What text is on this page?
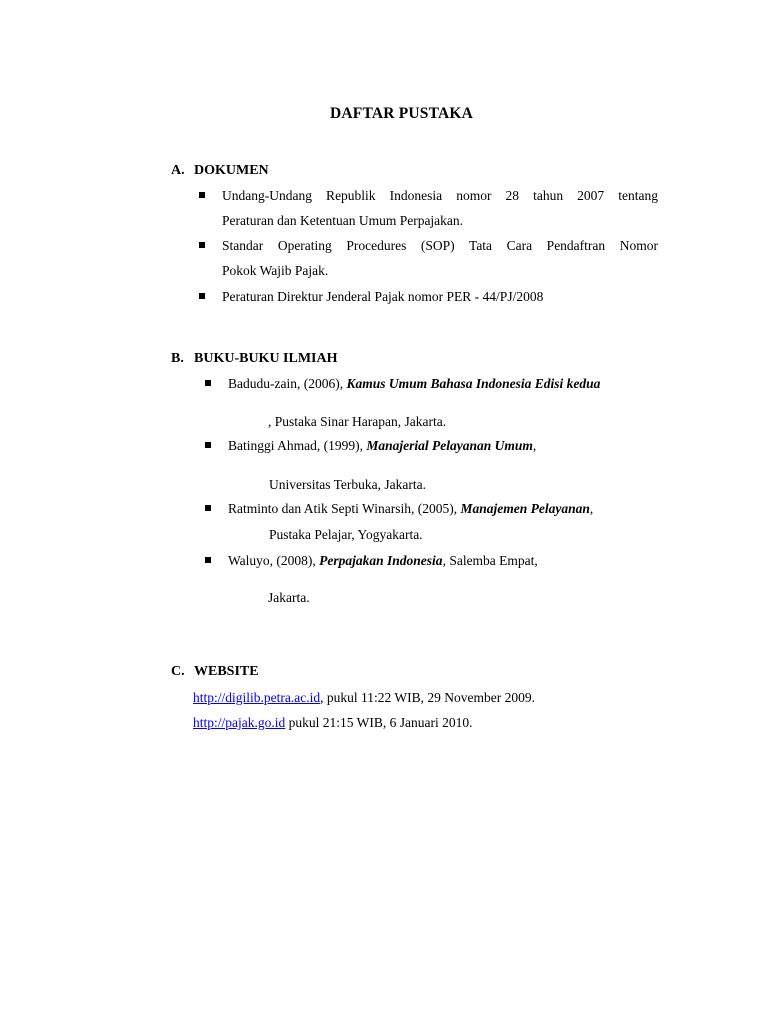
DAFTAR PUSTAKA
A. DOKUMEN
Undang-Undang Republik Indonesia nomor 28 tahun 2007 tentang
Peraturan dan Ketentuan Umum Perpajakan.
Standar Operating Procedures (SOP) Tata Cara Pendaftran Nomor
Pokok Wajib Pajak.
Peraturan Direktur Jenderal Pajak nomor PER - 44/PJ/2008
B. BUKU-BUKU ILMIAH
Badudu-zain, (2006), Kamus Umum Bahasa Indonesia Edisi kedua
, Pustaka Sinar Harapan, Jakarta.
Batinggi Ahmad, (1999), Manajerial Pelayanan Umum,
Universitas Terbuka, Jakarta.
Ratminto dan Atik Septi Winarsih, (2005), Manajemen Pelayanan,
Pustaka Pelajar, Yogyakarta.
Waluyo, (2008), Perpajakan Indonesia, Salemba Empat,
Jakarta.
C. WEBSITE
http://digilib.petra.ac.id, pukul 11:22 WIB, 29 November 2009.
http://pajak.go.id pukul 21:15 WIB, 6 Januari 2010.
